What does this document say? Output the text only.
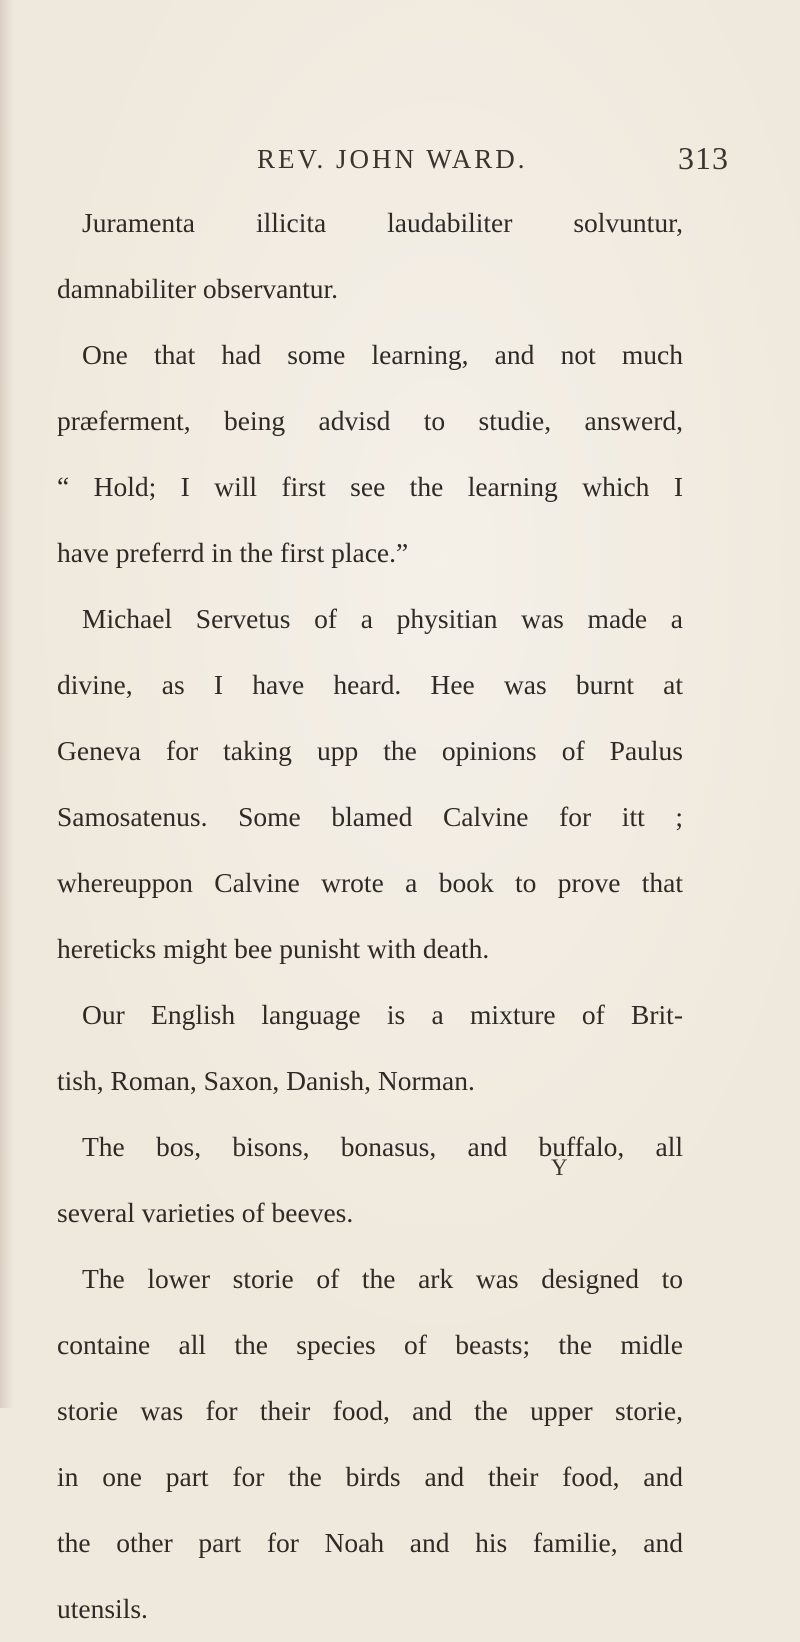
REV. JOHN WARD.	313
Juramenta illicita laudabiliter solvuntur,
damnabiliter observantur.
One that had some learning, and not much
præferment, being advisd to studie, answerd,
“ Hold; I will first see the learning which I
have preferrd in the first place.”
Michael Servetus of a physitian was made a
divine, as I have heard. Hee was burnt at
Geneva for taking upp the opinions of Paulus
Samosatenus. Some blamed Calvine for itt ;
whereuppon Calvine wrote a book to prove that
hereticks might bee punisht with death.
Our English language is a mixture of Brit-
tish, Roman, Saxon, Danish, Norman.
The bos, bisons, bonasus, and buffalo, all
several varieties of beeves.
The lower storie of the ark was designed to
containe all the species of beasts; the midle
storie was for their food, and the upper storie,
in one part for the birds and their food, and
the other part for Noah and his familie, and
utensils.
Y
